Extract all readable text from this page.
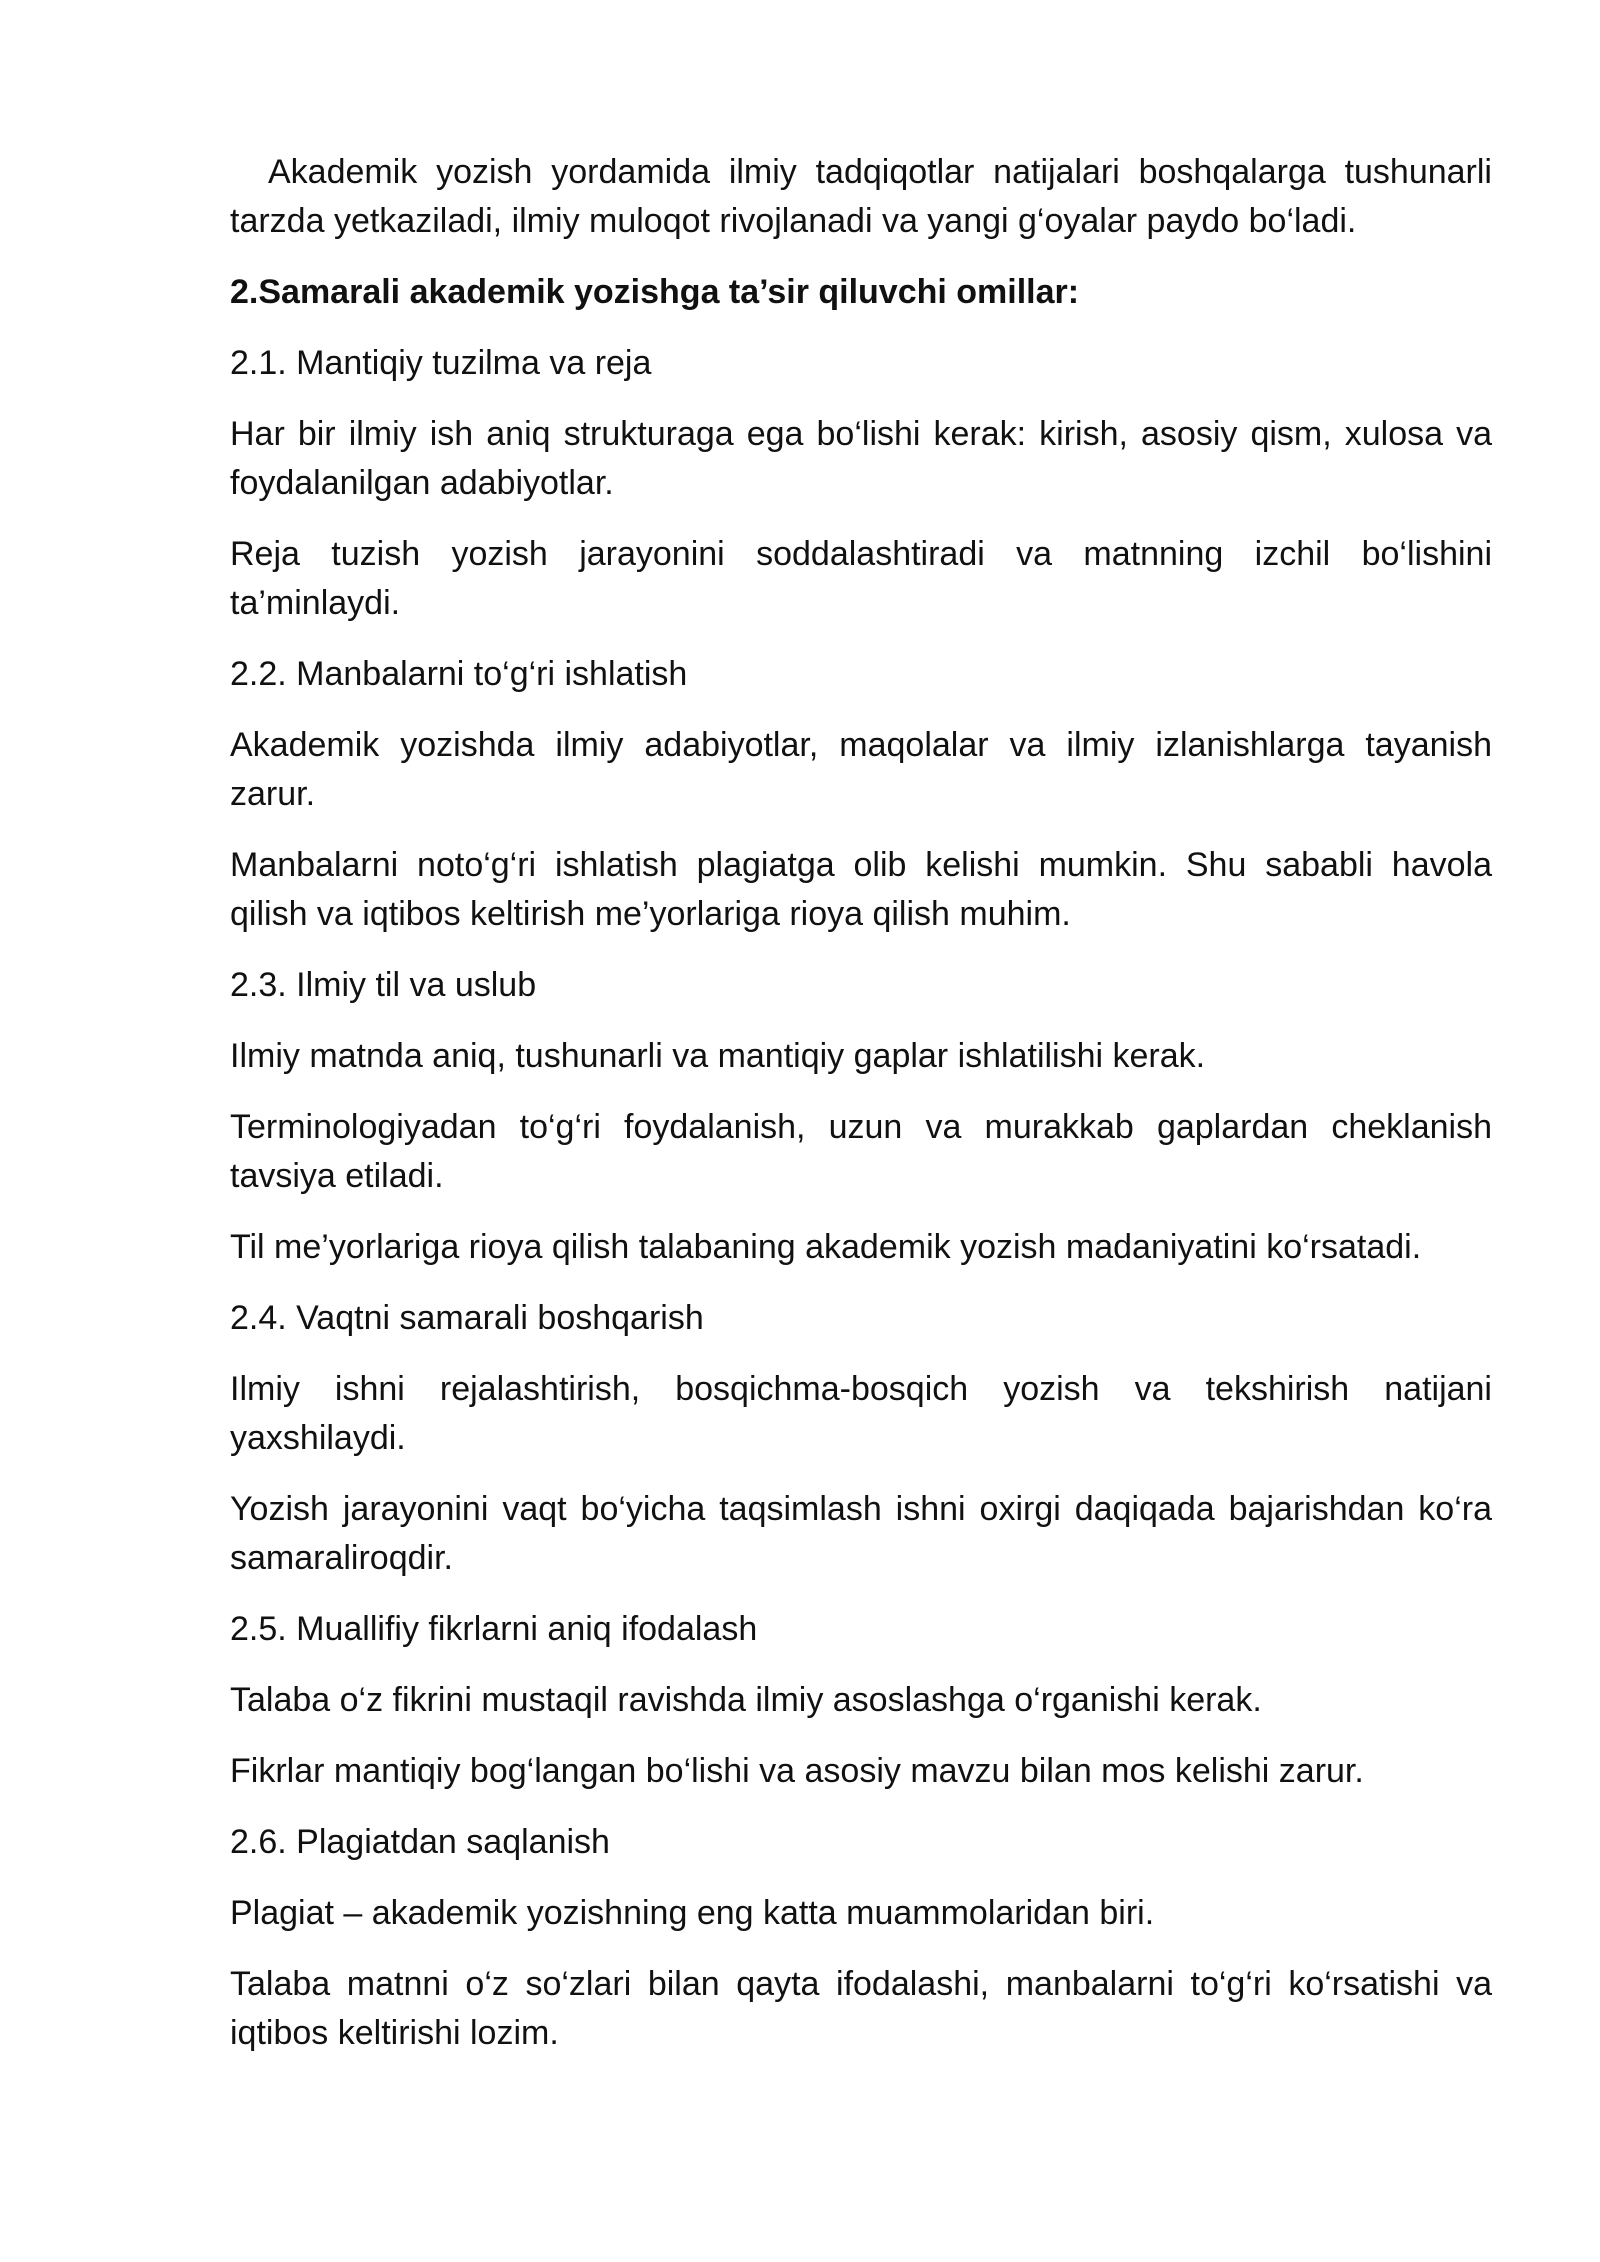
Akademik yozish yordamida ilmiy tadqiqotlar natijalari boshqalarga tushunarli tarzda yetkaziladi, ilmiy muloqot rivojlanadi va yangi g‘oyalar paydo bo‘ladi.

2.Samarali akademik yozishga ta’sir qiluvchi omillar:

2.1. Mantiqiy tuzilma va reja

Har bir ilmiy ish aniq strukturaga ega bo‘lishi kerak: kirish, asosiy qism, xulosa va foydalanilgan adabiyotlar.

Reja tuzish yozish jarayonini soddalashtiradi va matnning izchil bo‘lishini ta’minlaydi.

2.2. Manbalarni to‘g‘ri ishlatish

Akademik yozishda ilmiy adabiyotlar, maqolalar va ilmiy izlanishlarga tayanish zarur.

Manbalarni noto‘g‘ri ishlatish plagiatga olib kelishi mumkin. Shu sababli havola qilish va iqtibos keltirish me’yorlariga rioya qilish muhim.

2.3. Ilmiy til va uslub

Ilmiy matnda aniq, tushunarli va mantiqiy gaplar ishlatilishi kerak.

Terminologiyadan to‘g‘ri foydalanish, uzun va murakkab gaplardan cheklanish tavsiya etiladi.

Til me’yorlariga rioya qilish talabaning akademik yozish madaniyatini ko‘rsatadi.

2.4. Vaqtni samarali boshqarish

Ilmiy ishni rejalashtirish, bosqichma-bosqich yozish va tekshirish natijani yaxshilaydi.

Yozish jarayonini vaqt bo‘yicha taqsimlash ishni oxirgi daqiqada bajarishdan ko‘ra samaraliroqdir.

2.5. Muallifiy fikrlarni aniq ifodalash

Talaba o‘z fikrini mustaqil ravishda ilmiy asoslashga o‘rganishi kerak.

Fikrlar mantiqiy bog‘langan bo‘lishi va asosiy mavzu bilan mos kelishi zarur.

2.6. Plagiatdan saqlanish

Plagiat – akademik yozishning eng katta muammolaridan biri.

Talaba matnni o‘z so‘zlari bilan qayta ifodalashi, manbalarni to‘g‘ri ko‘rsatishi va iqtibos keltirishi lozim.
